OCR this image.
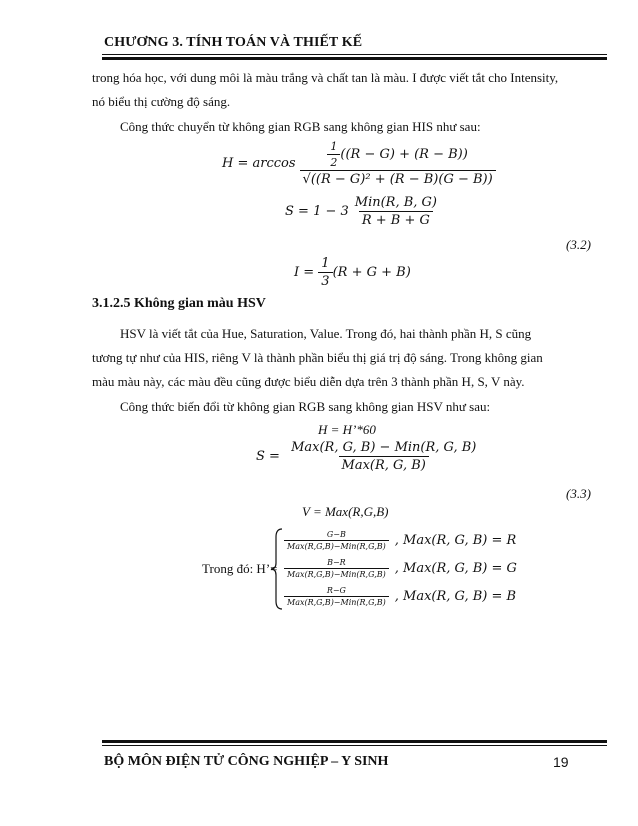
CHƯƠNG 3. TÍNH TOÁN VÀ THIẾT KẾ
trong hóa học, với dung môi là màu trắng và chất tan là màu. I được viết tắt cho Intensity,
nó biểu thị cường độ sáng.
Công thức chuyển từ không gian RGB sang không gian HIS như sau:
$H = \arccos \frac{\frac{1}{2} ((R - G) + (R - B))}{\text{√((R − G)² + (R − B)(G − B))}}$
$S = 1 - 3 \frac{\text{Min(R, B, G)}}{R + B + G}$
(3.2)
$I = \frac{1}{3} (R + G + B)$
3.1.2.5 Không gian màu HSV
HSV là viết tắt của Hue, Saturation, Value. Trong đó, hai thành phần H, S cũng
tương tự như của HIS, riêng V là thành phần biểu thị giá trị độ sáng. Trong không gian
màu màu này, các màu đều cũng được biểu diễn dựa trên 3 thành phần H, S, V này.
Công thức biến đổi từ không gian RGB sang không gian HSV như sau:
H = H’*60
$S = \frac{\text{Max(R, G, B) − Min(R, G, B)}}{\text{Max(R, G, B)}}$
(3.3)
V = Max(R,G,B)
Trong đó: H’=
$\frac{G-B}{\text{Max(R,G,B)−Min(R,G,B)}}$ , Max(R, G, B) = R
$\frac{B-R}{\text{Max(R,G,B)−Min(R,G,B)}}$ , Max(R, G, B) = G
$\frac{R-G}{\text{Max(R,G,B)−Min(R,G,B)}}$ , Max(R, G, B) = B
BỘ MÔN ĐIỆN TỬ CÔNG NGHIỆP – Y SINH	19
